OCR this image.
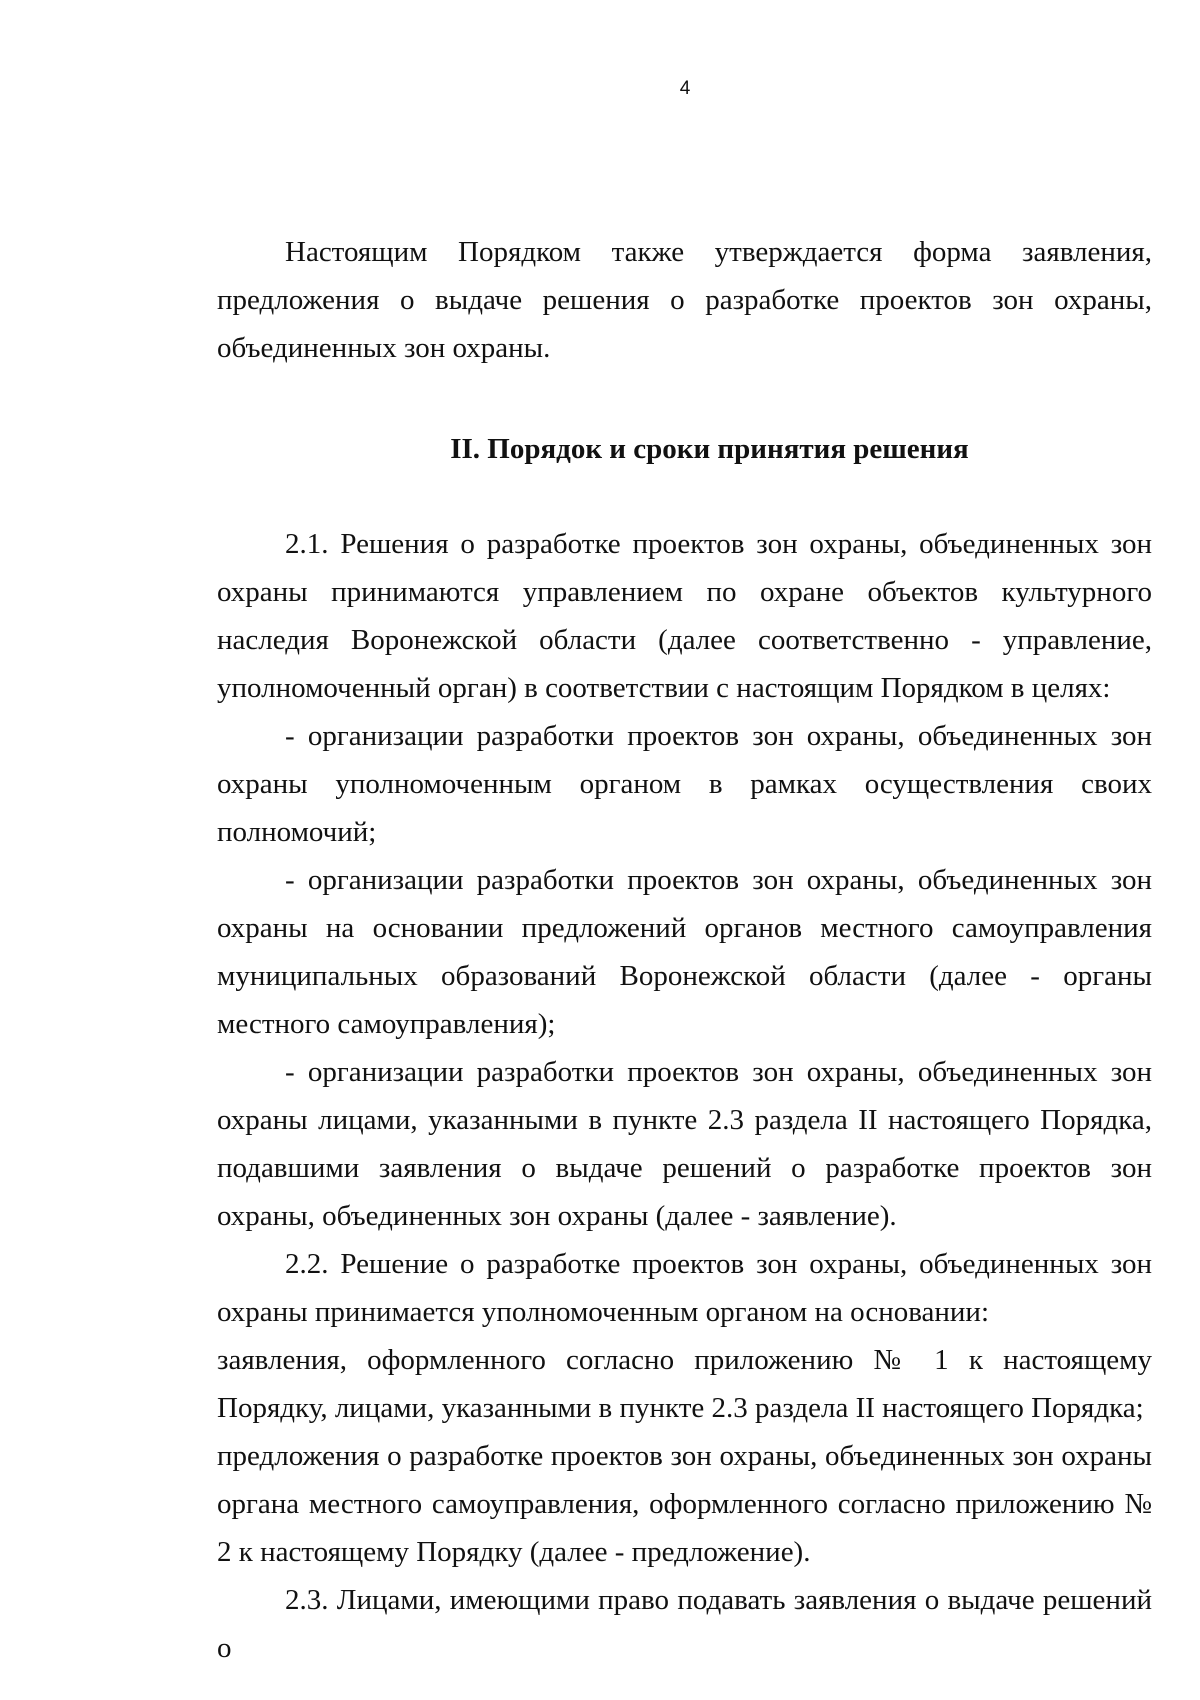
4

Настоящим Порядком также утверждается форма заявления, предложения о выдаче решения о разработке проектов зон охраны, объединенных зон охраны.

II. Порядок и сроки принятия решения

2.1. Решения о разработке проектов зон охраны, объединенных зон охраны принимаются управлением по охране объектов культурного наследия Воронежской области (далее соответственно - управление, уполномоченный орган) в соответствии с настоящим Порядком в целях:

- организации разработки проектов зон охраны, объединенных зон охраны уполномоченным органом в рамках осуществления своих полномочий;

- организации разработки проектов зон охраны, объединенных зон охраны на основании предложений органов местного самоуправления муниципальных образований Воронежской области (далее - органы местного самоуправления);

- организации разработки проектов зон охраны, объединенных зон охраны лицами, указанными в пункте 2.3 раздела II настоящего Порядка, подавшими заявления о выдаче решений о разработке проектов зон охраны, объединенных зон охраны (далее - заявление).

2.2. Решение о разработке проектов зон охраны, объединенных зон охраны принимается уполномоченным органом на основании:

заявления, оформленного согласно приложению № 1 к настоящему Порядку, лицами, указанными в пункте 2.3 раздела II настоящего Порядка;

предложения о разработке проектов зон охраны, объединенных зон охраны органа местного самоуправления, оформленного согласно приложению № 2 к настоящему Порядку (далее - предложение).

2.3. Лицами, имеющими право подавать заявления о выдаче решений о
